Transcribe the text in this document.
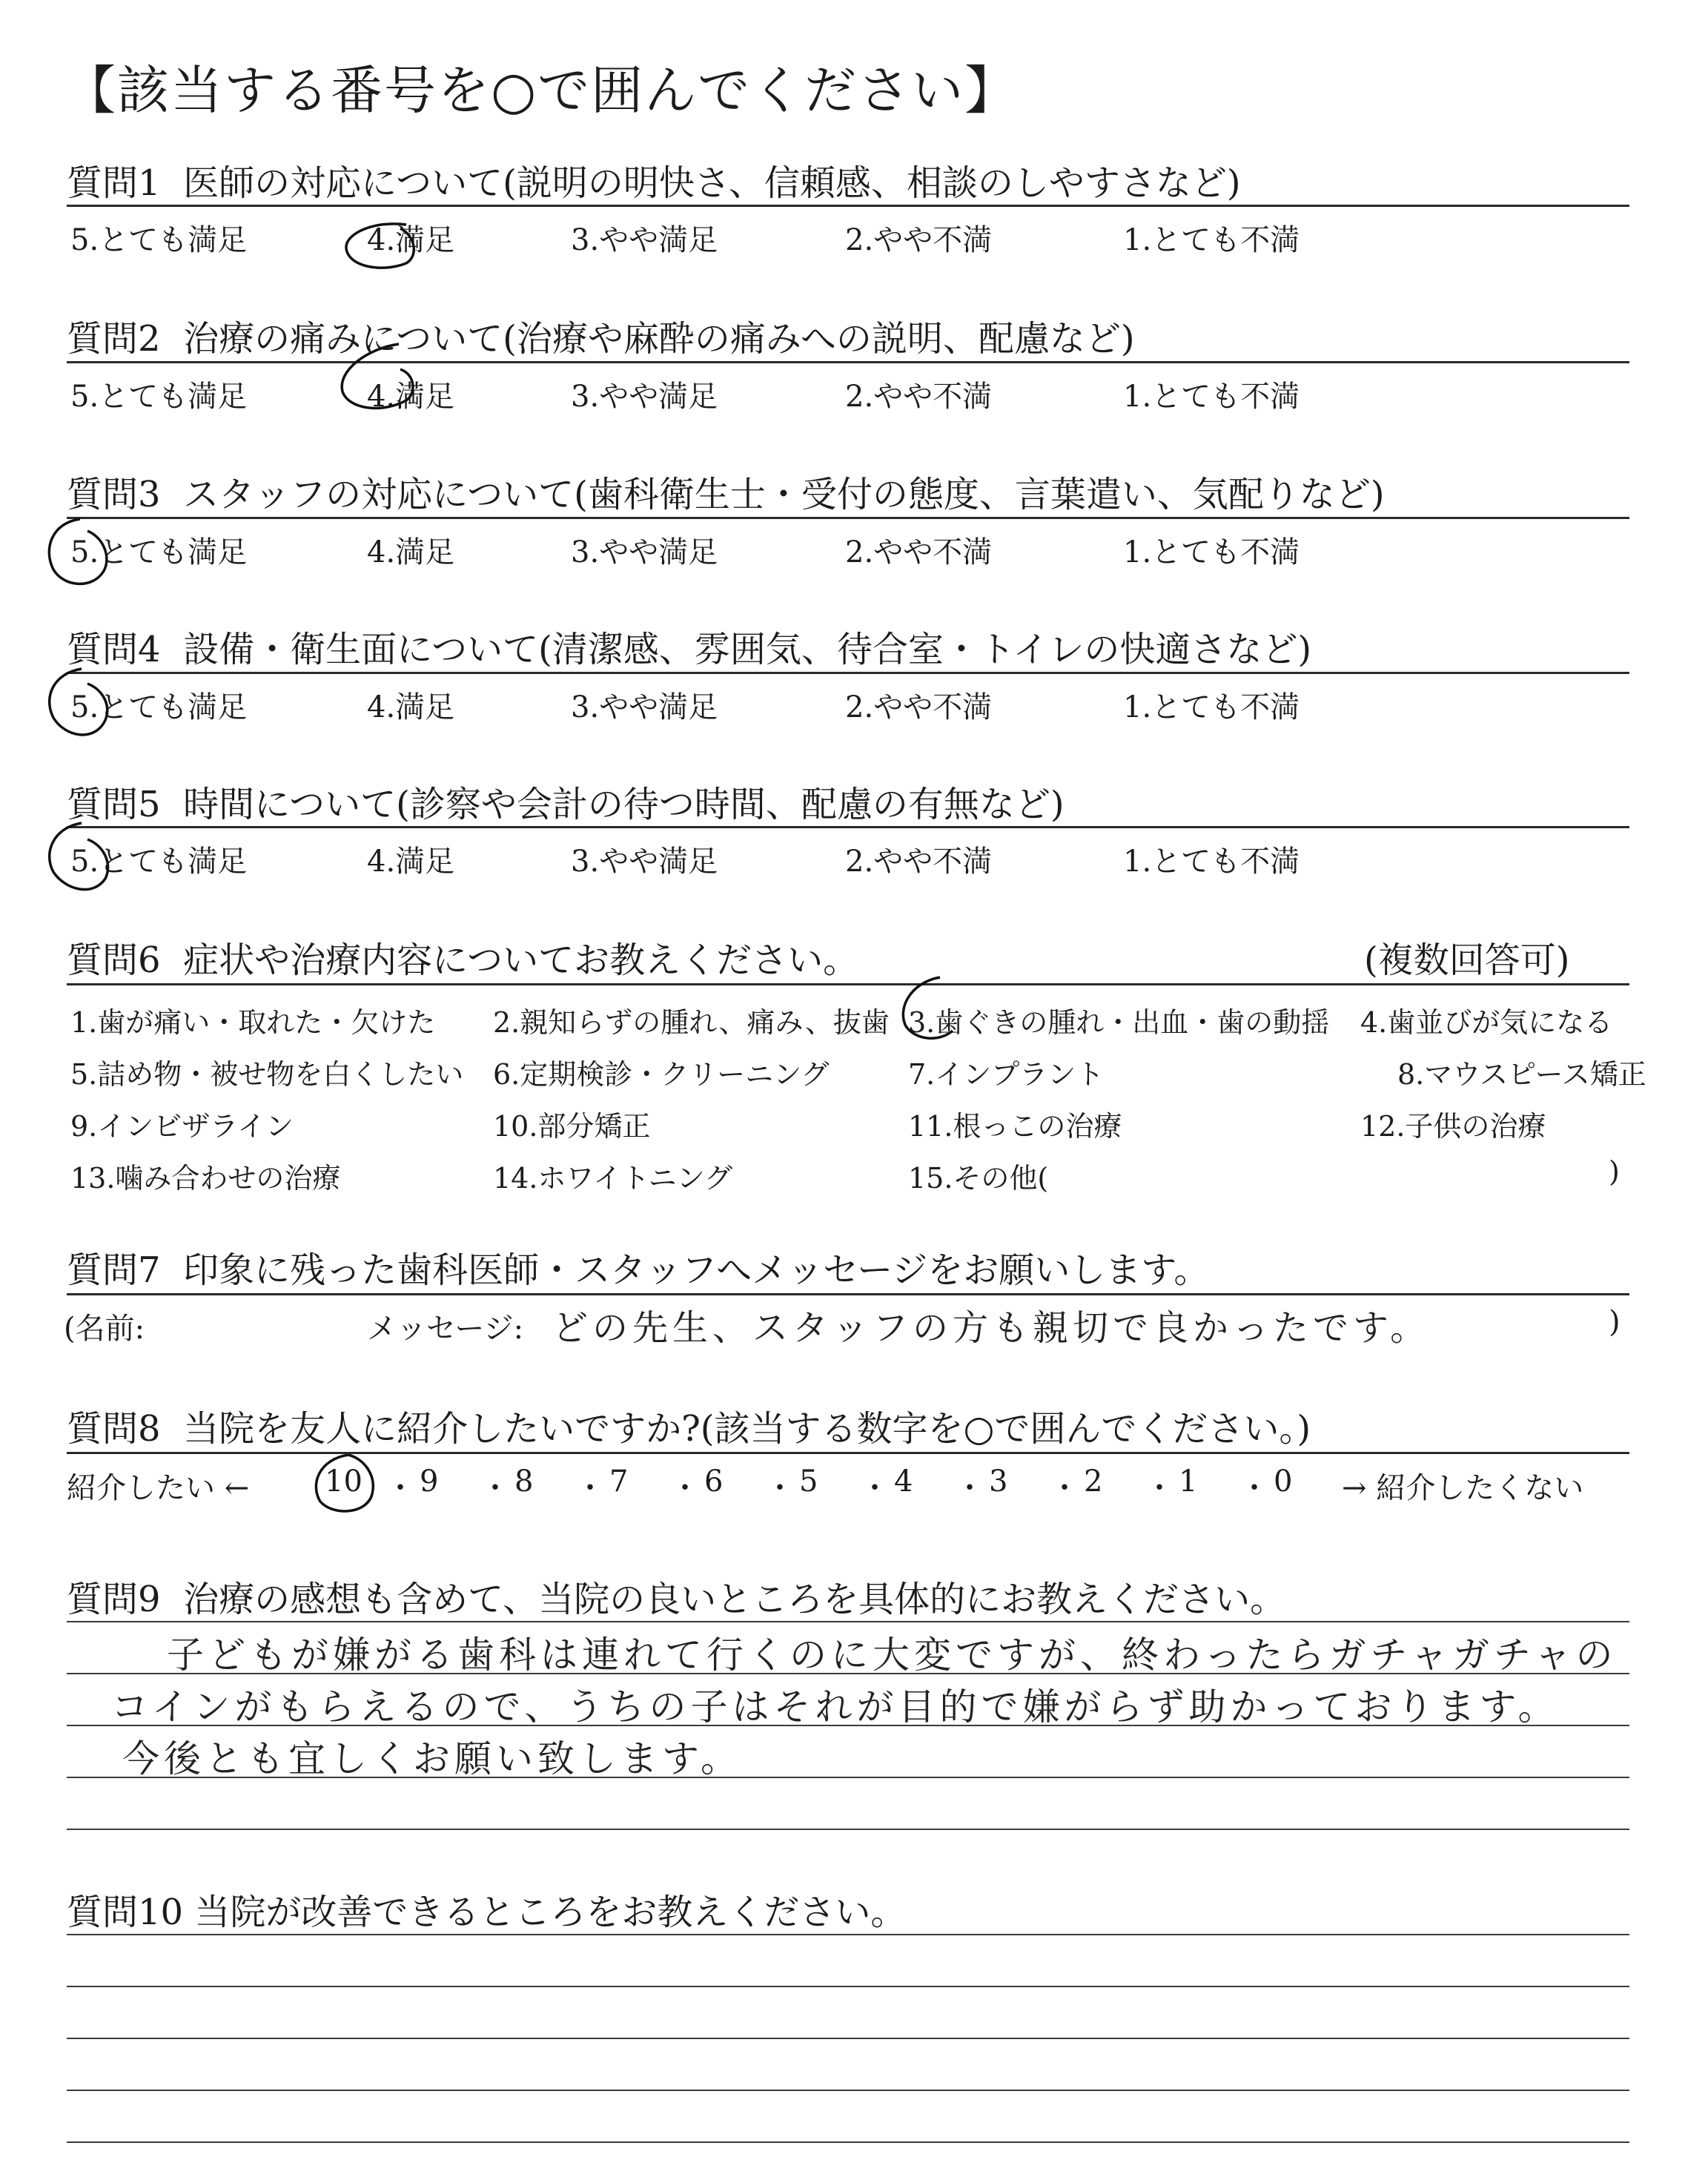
【該当する番号を○で囲んでください】
質問1 医師の対応について(説明の明快さ、信頼感、相談のしやすさなど)
5.とても満足	4.満足	3.やや満足	2.やや不満	1.とても不満
質問2 治療の痛みについて(治療や麻酔の痛みへの説明、配慮など)
5.とても満足	4.満足	3.やや満足	2.やや不満	1.とても不満
質問3 スタッフの対応について(歯科衛生士・受付の態度、言葉遣い、気配りなど)
5.とても満足	4.満足	3.やや満足	2.やや不満	1.とても不満
質問4 設備・衛生面について(清潔感、雰囲気、待合室・トイレの快適さなど)
5.とても満足	4.満足	3.やや満足	2.やや不満	1.とても不満
質問5 時間について(診察や会計の待つ時間、配慮の有無など)
5.とても満足	4.満足	3.やや満足	2.やや不満	1.とても不満
質問6 症状や治療内容についてお教えください。	(複数回答可)
1.歯が痛い・取れた・欠けた 2.親知らずの腫れ、痛み、抜歯 3.歯ぐきの腫れ・出血・歯の動揺 4.歯並びが気になる
5.詰め物・被せ物を白くしたい 6.定期検診・クリーニング	7.インプラント	8.マウスピース矯正
9.インビザライン	10.部分矯正	11.根っこの治療	12.子供の治療
13.噛み合わせの治療	14.ホワイトニング	15.その他(	)
質問7 印象に残った歯科医師・スタッフへメッセージをお願いします。
(名前:	メッセージ: どの先生、スタッフの方も親切で良かったです。	)
質問8 当院を友人に紹介したいですか?(該当する数字を○で囲んでください。)
紹介したい ←	10 ・ 9 ・ 8 ・ 7 ・ 6 ・ 5 ・ 4 ・ 3 ・ 2 ・ 1 ・ 0 → 紹介したくない
質問9 治療の感想も含めて、当院の良いところを具体的にお教えください。
子どもが嫌がる歯科は連れて行くのに大変ですが、終わったらガチャガチャの
コインがもらえるので、うちの子はそれが目的で嫌がらず助かっております。
今後とも宜しくお願い致します。
質問10 当院が改善できるところをお教えください。
